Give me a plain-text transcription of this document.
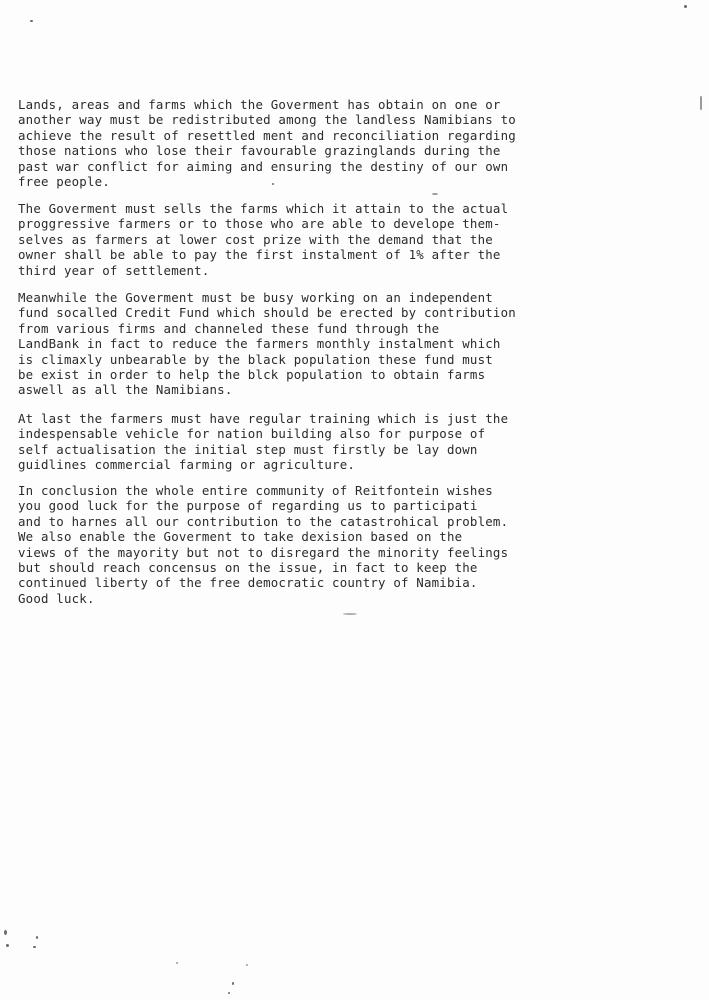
Lands, areas and farms which the Goverment has obtain on one or
another way must be redistributed among the landless Namibians to
achieve the result of resettled ment and reconciliation regarding
those nations who lose their favourable grazinglands during the
past war conflict for aiming and ensuring the destiny of our own
free people.

The Goverment must sells the farms which it attain to the actual
proggressive farmers or to those who are able to develope them-
selves as farmers at lower cost prize with the demand that the
owner shall be able to pay the first instalment of 1% after the
third year of settlement.

Meanwhile the Goverment must be busy working on an independent
fund socalled Credit Fund which should be erected by contribution
from various firms and channeled these fund through the
LandBank in fact to reduce the farmers monthly instalment which
is climaxly unbearable by the black population these fund must
be exist in order to help the blck population to obtain farms
aswell as all the Namibians.

At last the farmers must have regular training which is just the
indespensable vehicle for nation building also for purpose of
self actualisation the initial step must firstly be lay down
guidlines commercial farming or agriculture.

In conclusion the whole entire community of Reitfontein wishes
you good luck for the purpose of regarding us to participati
and to harnes all our contribution to the catastrohical problem.
We also enable the Goverment to take dexision based on the
views of the mayority but not to disregard the minority feelings
but should reach concensus on the issue, in fact to keep the
continued liberty of the free democratic country of Namibia.
Good luck.
